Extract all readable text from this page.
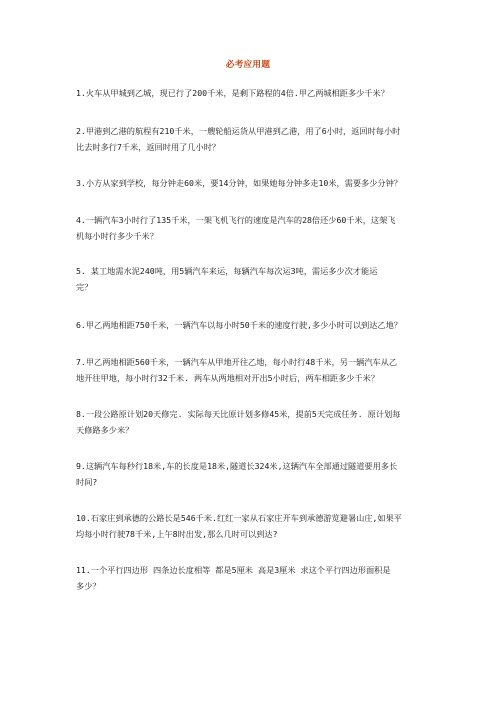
必考应用题
1.火车从甲城到乙城，现已行了200千米，是剩下路程的4倍.甲乙两城相距多少千米？
2.甲港到乙港的航程有210千米，一艘轮船运货从甲港到乙港，用了6小时，返回时每小时
比去时多行7千米，返回时用了几小时？
3.小方从家到学校，每分钟走60米，要14分钟，如果她每分钟多走10米，需要多少分钟？
4.一辆汽车3小时行了135千米，一架飞机飞行的速度是汽车的28倍还少60千米，这架飞
机每小时行多少千米？
5. 某工地需水泥240吨，用5辆汽车来运，每辆汽车每次运3吨，需运多少次才能运
完？
6.甲乙两地相距750千米，一辆汽车以每小时50千米的速度行驶,多少小时可以到达乙地？
7.甲乙两地相距560千米，一辆汽车从甲地开往乙地，每小时行48千米，另一辆汽车从乙
地开往甲地，每小时行32千米. 两车从两地相对开出5小时后，两车相距多少千米？
8.一段公路原计划20天修完. 实际每天比原计划多修45米，提前5天完成任务. 原计划每
天修路多少米？
9.这辆汽车每秒行18米,车的长度是18米,隧道长324米,这辆汽车全部通过隧道要用多长
时间?
10.石家庄到承德的公路长是546千米.红红一家从石家庄开车到承德游览避暑山庄,如果平
均每小时行驶78千米,上午8时出发,那么几时可以到达?
11.一个平行四边形 四条边长度相等 都是5厘米 高是3厘米 求这个平行四边形面积是
多少？
